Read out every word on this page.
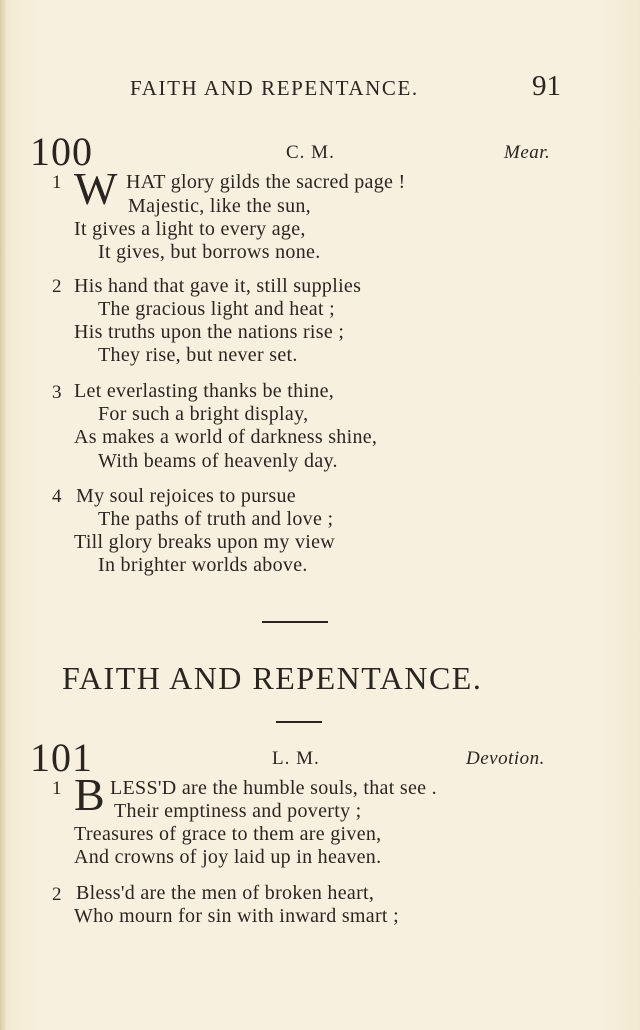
FAITH AND REPENTANCE.	91
100	C. M.	Mear.
1 W HAT glory gilds the sacred page !
Majestic, like the sun,
It gives a light to every age,
It gives, but borrows none.
2 His hand that gave it, still supplies
The gracious light and heat ;
His truths upon the nations rise ;
They rise, but never set.
3 Let everlasting thanks be thine,
For such a bright display,
As makes a world of darkness shine,
With beams of heavenly day.
4 My soul rejoices to pursue
The paths of truth and love ;
Till glory breaks upon my view
In brighter worlds above.
FAITH AND REPENTANCE.
101	L. M.	Devotion.
1 B LESS'D are the humble souls, that see .
Their emptiness and poverty ;
Treasures of grace to them are given,
And crowns of joy laid up in heaven.
2 Bless'd are the men of broken heart,
Who mourn for sin with inward smart ;
